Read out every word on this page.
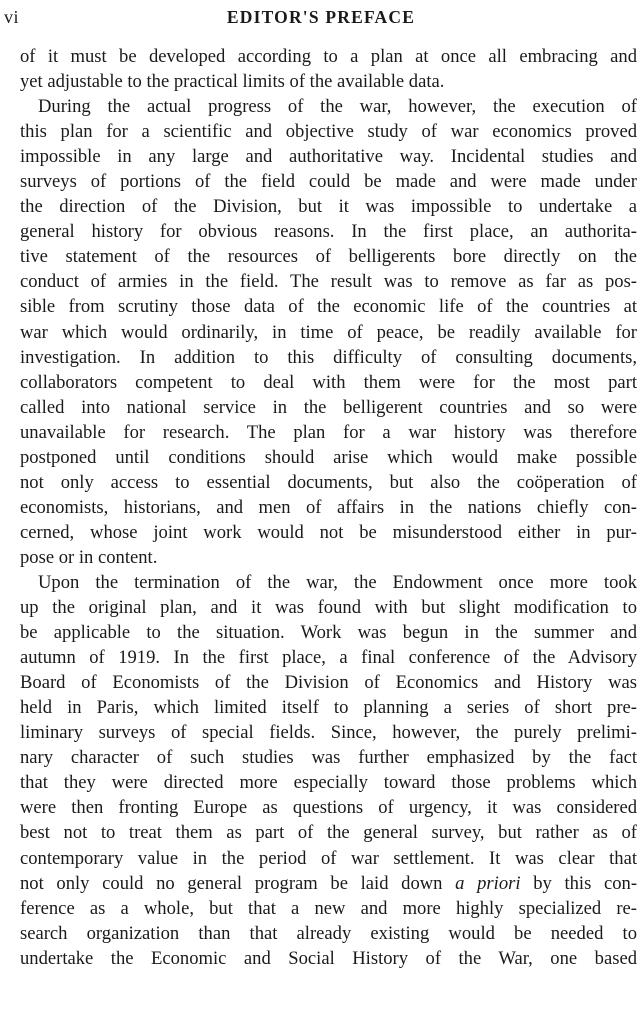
vi	EDITOR'S PREFACE
of it must be developed according to a plan at once all embracing and
yet adjustable to the practical limits of the available data.
During the actual progress of the war, however, the execution of
this plan for a scientific and objective study of war economics proved
impossible in any large and authoritative way. Incidental studies and
surveys of portions of the field could be made and were made under
the direction of the Division, but it was impossible to undertake a
general history for obvious reasons. In the first place, an authorita-
tive statement of the resources of belligerents bore directly on the
conduct of armies in the field. The result was to remove as far as pos-
sible from scrutiny those data of the economic life of the countries at
war which would ordinarily, in time of peace, be readily available for
investigation. In addition to this difficulty of consulting documents,
collaborators competent to deal with them were for the most part
called into national service in the belligerent countries and so were
unavailable for research. The plan for a war history was therefore
postponed until conditions should arise which would make possible
not only access to essential documents, but also the coöperation of
economists, historians, and men of affairs in the nations chiefly con-
cerned, whose joint work would not be misunderstood either in pur-
pose or in content.
Upon the termination of the war, the Endowment once more took
up the original plan, and it was found with but slight modification to
be applicable to the situation. Work was begun in the summer and
autumn of 1919. In the first place, a final conference of the Advisory
Board of Economists of the Division of Economics and History was
held in Paris, which limited itself to planning a series of short pre-
liminary surveys of special fields. Since, however, the purely prelimi-
nary character of such studies was further emphasized by the fact
that they were directed more especially toward those problems which
were then fronting Europe as questions of urgency, it was considered
best not to treat them as part of the general survey, but rather as of
contemporary value in the period of war settlement. It was clear that
not only could no general program be laid down a priori by this con-
ference as a whole, but that a new and more highly specialized re-
search organization than that already existing would be needed to
undertake the Economic and Social History of the War, one based
